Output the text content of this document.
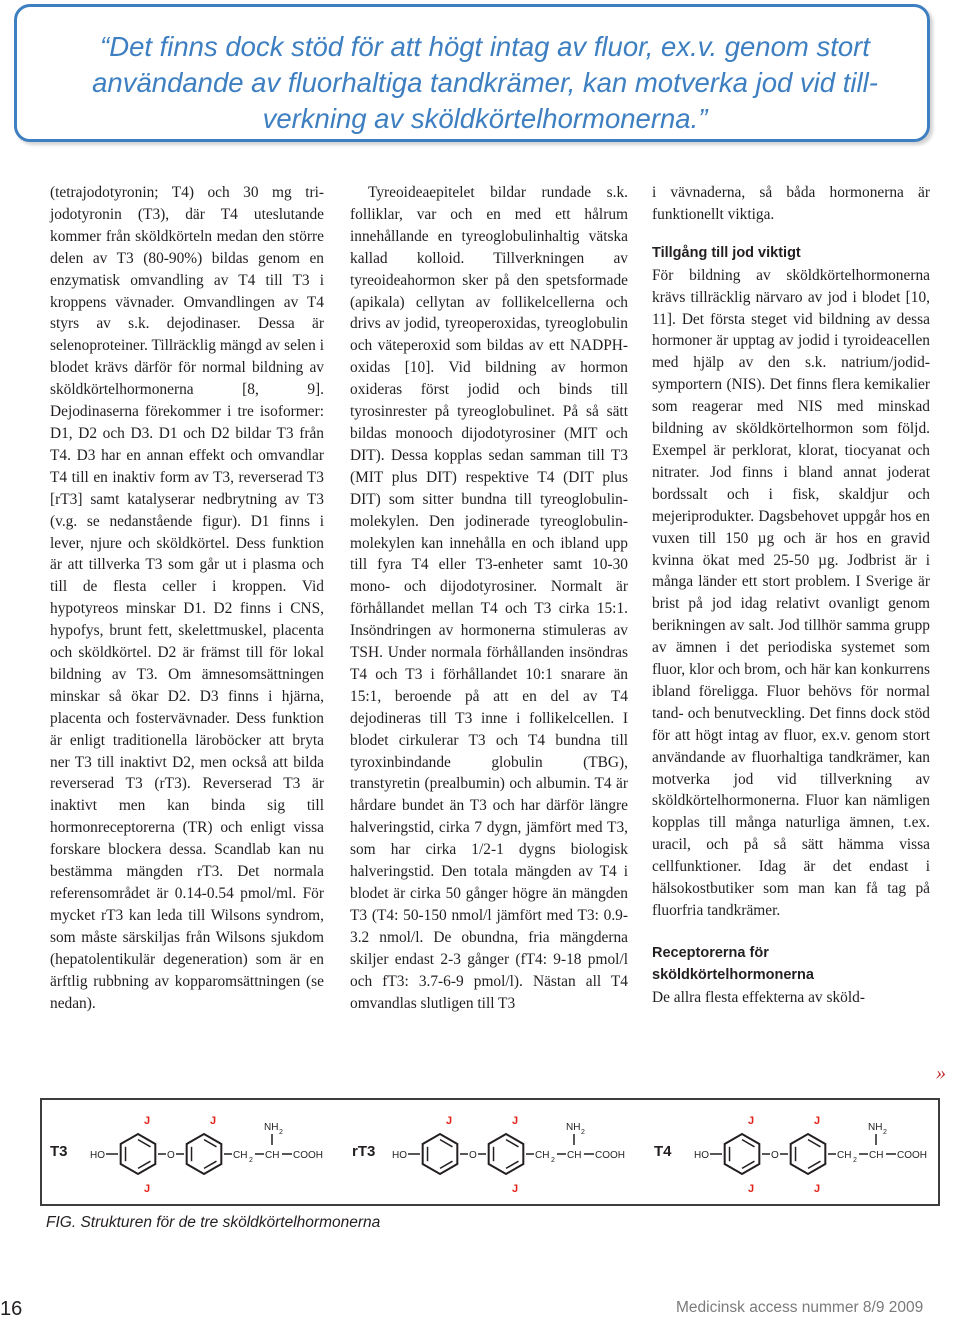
“Det finns dock stöd för att högt intag av fluor, ex.v. genom stort
användande av fluorhaltiga tandkrämer, kan motverka jod vid till-
verkning av sköldkörtelhormonerna.”

(tetrajodotyronin; T4) och 30 mg tri-jodotyronin (T3), där T4 uteslutande kommer från sköldkörteln medan den större delen av T3 (80-90%) bildas genom en enzymatisk omvandling av T4 till T3 i kroppens vävnader. Omvandlingen av T4 styrs av s.k. dejodinaser. Dessa är selenoproteiner. Tillräcklig mängd av selen i blodet krävs därför för normal bildning av sköldkörtelhormonerna [8, 9]. Dejodinaserna förekommer i tre isoformer: D1, D2 och D3. D1 och D2 bildar T3 från T4. D3 har en annan effekt och omvandlar T4 till en inaktiv form av T3, reverserad T3 [rT3] samt katalyserar nedbrytning av T3 (v.g. se nedanstående figur). D1 finns i lever, njure och sköldkörtel. Dess funktion är att tillverka T3 som går ut i plasma och till de flesta celler i kroppen. Vid hypotyreos minskar D1. D2 finns i CNS, hypofys, brunt fett, skelettmuskel, placenta och sköldkörtel. D2 är främst till för lokal bildning av T3. Om ämnesomsättningen minskar så ökar D2. D3 finns i hjärna, placenta och fostervävnader. Dess funktion är enligt traditionella läroböcker att bryta ner T3 till inaktivt D2, men också att bilda reverserad T3 (rT3). Reverserad T3 är inaktivt men kan binda sig till hormonreceptorerna (TR) och enligt vissa forskare blockera dessa. Scandlab kan nu bestämma mängden rT3. Det normala referensområdet är 0.14-0.54 pmol/ml. För mycket rT3 kan leda till Wilsons syndrom, som måste särskiljas från Wilsons sjukdom (hepatolentikulär degeneration) som är en ärftlig rubbning av kopparomsättningen (se nedan).

Tyreoideaepitelet bildar rundade s.k. folliklar, var och en med ett hålrum innehållande en tyreoglobulinhaltig vätska kallad kolloid. Tillverkningen av tyreoideahormon sker på den spetsformade (apikala) cellytan av follikelcellerna och drivs av jodid, tyreoperoxidas, tyreoglobulin och väteperoxid som bildas av ett NADPH-oxidas [10]. Vid bildning av hormon oxideras först jodid och binds till tyrosinrester på tyreoglobulinet. På så sätt bildas monooch dijodotyrosiner (MIT och DIT). Dessa kopplas sedan samman till T3 (MIT plus DIT) respektive T4 (DIT plus DIT) som sitter bundna till tyreoglobulin-molekylen. Den jodinerade tyreoglobulin-molekylen kan innehålla en och ibland upp till fyra T4 eller T3-enheter samt 10-30 mono- och dijodotyrosiner. Normalt är förhållandet mellan T4 och T3 cirka 15:1. Insöndringen av hormonerna stimuleras av TSH. Under normala förhållanden insöndras T4 och T3 i förhållandet 10:1 snarare än 15:1, beroende på att en del av T4 dejodineras till T3 inne i follikelcellen. I blodet cirkulerar T3 och T4 bundna till tyroxinbindande globulin (TBG), transtyretin (prealbumin) och albumin. T4 är hårdare bundet än T3 och har därför längre halveringstid, cirka 7 dygn, jämfört med T3, som har cirka 1/2-1 dygns biologisk halveringstid. Den totala mängden av T4 i blodet är cirka 50 gånger högre än mängden T3 (T4: 50-150 nmol/l jämfört med T3: 0.9-3.2 nmol/l. De obundna, fria mängderna skiljer endast 2-3 gånger (fT4: 9-18 pmol/l och fT3: 3.7-6-9 pmol/l). Nästan all T4 omvandlas slutligen till T3

i vävnaderna, så båda hormonerna är funktionellt viktiga.

Tillgång till jod viktigt

För bildning av sköldkörtelhormonerna krävs tillräcklig närvaro av jod i blodet [10, 11]. Det första steget vid bildning av dessa hormoner är upptag av jodid i tyroideacellen med hjälp av den s.k. natrium/jodid-symportern (NIS). Det finns flera kemikalier som reagerar med NIS med minskad bildning av sköldkörtelhormon som följd. Exempel är perklorat, klorat, tiocyanat och nitrater. Jod finns i bland annat joderat bordssalt och i fisk, skaldjur och mejeriprodukter. Dagsbehovet uppgår hos en vuxen till 150 µg och är hos en gravid kvinna ökat med 25-50 µg. Jodbrist är i många länder ett stort problem. I Sverige är brist på jod idag relativt ovanligt genom berikningen av salt. Jod tillhör samma grupp av ämnen i det periodiska systemet som fluor, klor och brom, och här kan konkurrens ibland föreligga. Fluor behövs för normal tand- och benutveckling. Det finns dock stöd för att högt intag av fluor, ex.v. genom stort användande av fluorhaltiga tandkrämer, kan motverka jod vid tillverkning av sköldkörtelhormonerna. Fluor kan nämligen kopplas till många naturliga ämnen, t.ex. uracil, och på så sätt hämma vissa cellfunktioner. Idag är det endast i hälsokostbutiker som man kan få tag på fluorfria tandkrämer.

Receptorerna för sköldkörtelhormonerna

De allra flesta effekterna av sköld-

»
T3 HO	O	CH 2 CH
NH 2
COOH
J
J
J
rT3 HO	O	CH 2 CH
NH 2
COOH
J	J
J
T4 HO	O	CH 2 CH
NH 2
COOH
J
J
J
J
FIG. Strukturen för de tre sköldkörtelhormonerna
16	Medicinsk access nummer 8/9 2009
